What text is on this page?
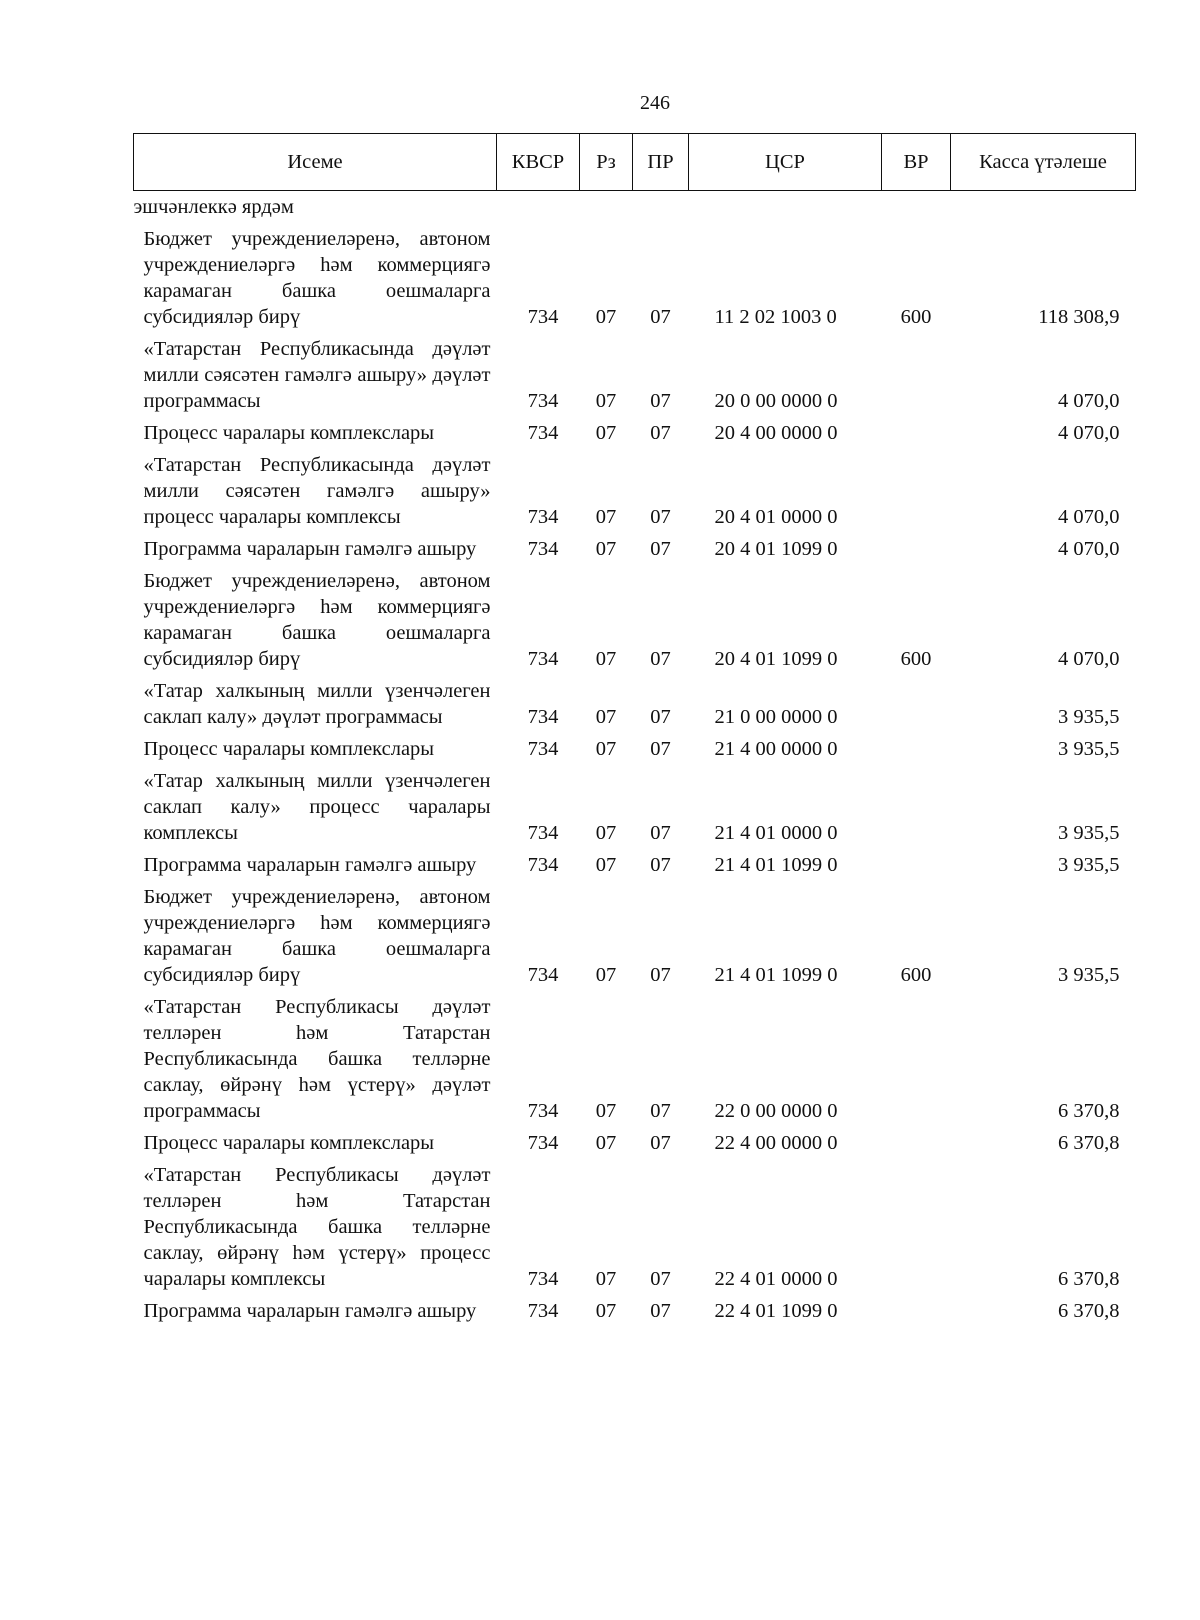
246
Исеме	КВСР	Рз	ПР	ЦСР	ВР	Касса үтәлеше
эшчәнлеккә ярдәм						
Бюджет учреждениеләренә, автоном учреждениеләргә һәм коммерциягә карамаган башка оешмаларга субсидияләр бирү	734	07	07	11 2 02 1003 0	600	118 308,9
«Татарстан Республикасында дәүләт милли сәясәтен гамәлгә ашыру» дәүләт программасы	734	07	07	20 0 00 0000 0		4 070,0
Процесс чаралары комплекслары	734	07	07	20 4 00 0000 0		4 070,0
«Татарстан Республикасында дәүләт милли сәясәтен гамәлгә ашыру» процесс чаралары комплексы	734	07	07	20 4 01 0000 0		4 070,0
Программа чараларын гамәлгә ашыру	734	07	07	20 4 01 1099 0		4 070,0
Бюджет учреждениеләренә, автоном учреждениеләргә һәм коммерциягә карамаган башка оешмаларга субсидияләр бирү	734	07	07	20 4 01 1099 0	600	4 070,0
«Татар халкының милли үзенчәлеген саклап калу» дәүләт программасы	734	07	07	21 0 00 0000 0		3 935,5
Процесс чаралары комплекслары	734	07	07	21 4 00 0000 0		3 935,5
«Татар халкының милли үзенчәлеген саклап калу» процесс чаралары комплексы	734	07	07	21 4 01 0000 0		3 935,5
Программа чараларын гамәлгә ашыру	734	07	07	21 4 01 1099 0		3 935,5
Бюджет учреждениеләренә, автоном учреждениеләргә һәм коммерциягә карамаган башка оешмаларга субсидияләр бирү	734	07	07	21 4 01 1099 0	600	3 935,5
«Татарстан Республикасы дәүләт телләрен һәм Татарстан Республикасында башка телләрне саклау, өйрәнү һәм үстерү» дәүләт программасы	734	07	07	22 0 00 0000 0		6 370,8
Процесс чаралары комплекслары	734	07	07	22 4 00 0000 0		6 370,8
«Татарстан Республикасы дәүләт телләрен һәм Татарстан Республикасында башка телләрне саклау, өйрәнү һәм үстерү» процесс чаралары комплексы	734	07	07	22 4 01 0000 0		6 370,8
Программа чараларын гамәлгә ашыру	734	07	07	22 4 01 1099 0		6 370,8
